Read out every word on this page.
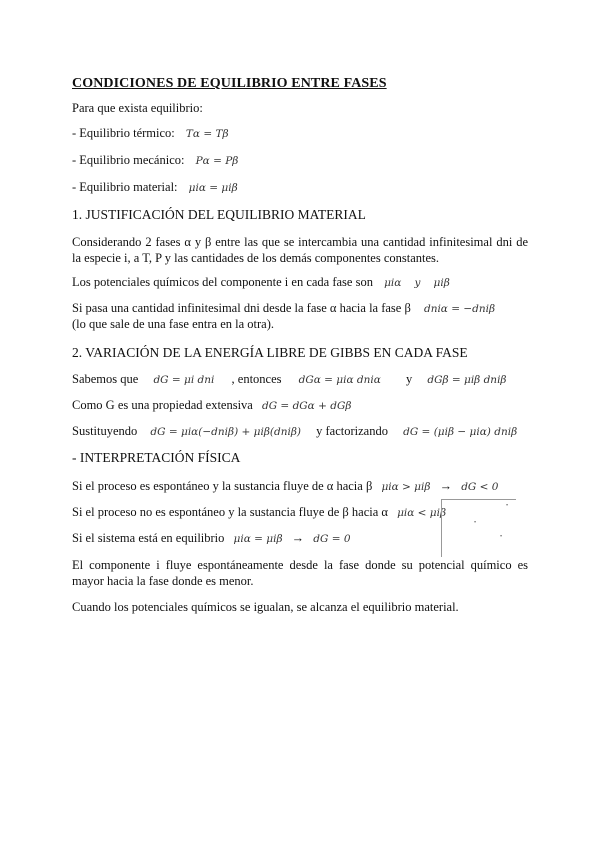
CONDICIONES DE EQUILIBRIO ENTRE FASES
Para que exista equilibrio:
- Equilibrio térmico: Tα = Tβ
- Equilibrio mecánico: Pα = Pβ
- Equilibrio material: μiα = μiβ
1. JUSTIFICACIÓN DEL EQUILIBRIO MATERIAL
Considerando 2 fases α y β entre las que se intercambia una cantidad infinitesimal dni de la especie i, a T, P y las cantidades de los demás componentes constantes.
Los potenciales químicos del componente i en cada fase son μiα y μiβ
Si pasa una cantidad infinitesimal dni desde la fase α hacia la fase β dniα = −dniβ
(lo que sale de una fase entra en la otra).
2. VARIACIÓN DE LA ENERGÍA LIBRE DE GIBBS EN CADA FASE
Sabemos que dG = μi dni , entonces dGα = μiα dniα y dGβ = μiβ dniβ
Como G es una propiedad extensiva dG = dGα + dGβ
Sustituyendo dG = μiα(−dniβ) + μiβ(dniβ) y factorizando dG = (μiβ − μiα) dniβ
- INTERPRETACIÓN FÍSICA
Si el proceso es espontáneo y la sustancia fluye de α hacia β μiα > μiβ → dG < 0
Si el proceso no es espontáneo y la sustancia fluye de β hacia α μiα < μiβ
Si el sistema está en equilibrio μiα = μiβ → dG = 0
•
•
•
El componente i fluye espontáneamente desde la fase donde su potencial químico es mayor hacia la fase donde es menor.
Cuando los potenciales químicos se igualan, se alcanza el equilibrio material.
